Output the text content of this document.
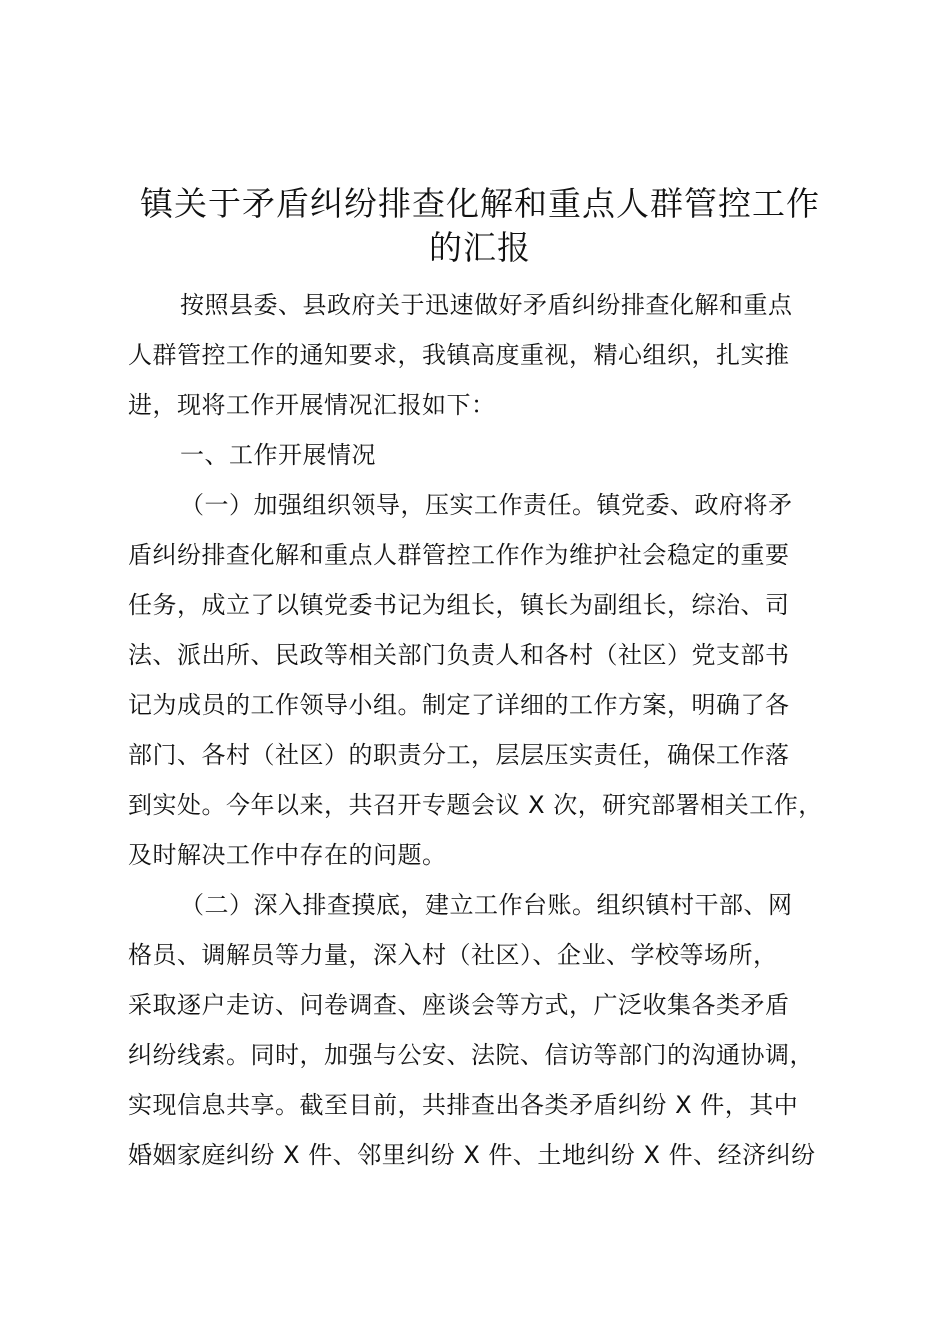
镇关于矛盾纠纷排查化解和重点人群管控工作
的汇报
按照县委、县政府关于迅速做好矛盾纠纷排查化解和重点
人群管控工作的通知要求，我镇高度重视，精心组织，扎实推
进，现将工作开展情况汇报如下：
一、工作开展情况
（一）加强组织领导，压实工作责任。镇党委、政府将矛
盾纠纷排查化解和重点人群管控工作作为维护社会稳定的重要
任务，成立了以镇党委书记为组长，镇长为副组长，综治、司
法、派出所、民政等相关部门负责人和各村（社区）党支部书
记为成员的工作领导小组。制定了详细的工作方案，明确了各
部门、各村（社区）的职责分工，层层压实责任，确保工作落
到实处。今年以来，共召开专题会议 X 次，研究部署相关工作，
及时解决工作中存在的问题。
（二）深入排查摸底，建立工作台账。组织镇村干部、网
格员、调解员等力量，深入村（社区）、企业、学校等场所，
采取逐户走访、问卷调查、座谈会等方式，广泛收集各类矛盾
纠纷线索。同时，加强与公安、法院、信访等部门的沟通协调，
实现信息共享。截至目前，共排查出各类矛盾纠纷 X 件，其中
婚姻家庭纠纷 X 件、邻里纠纷 X 件、土地纠纷 X 件、经济纠纷
